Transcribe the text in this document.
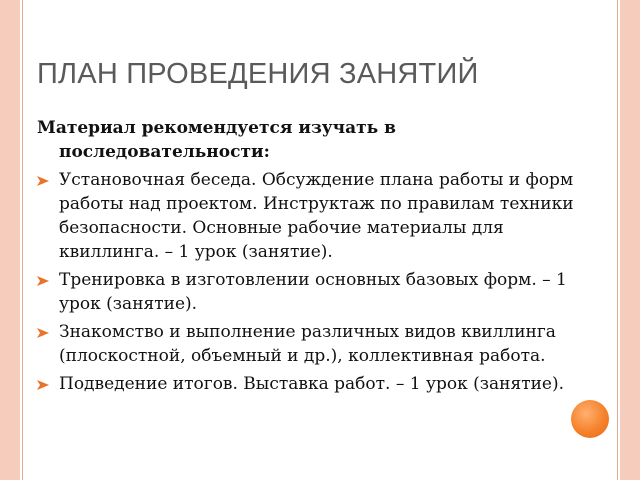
ПЛАН ПРОВЕДЕНИЯ ЗАНЯТИЙ

Материал рекомендуется изучать в последовательности:

Установочная беседа. Обсуждение плана работы и форм работы над проектом. Инструктаж по правилам техники безопасности. Основные рабочие материалы для квиллинга. – 1 урок (занятие).
Тренировка в изготовлении основных базовых форм. – 1 урок (занятие).
Знакомство и выполнение различных видов квиллинга (плоскостной, объемный и др.), коллективная работа.
Подведение итогов. Выставка работ. – 1 урок (занятие).
